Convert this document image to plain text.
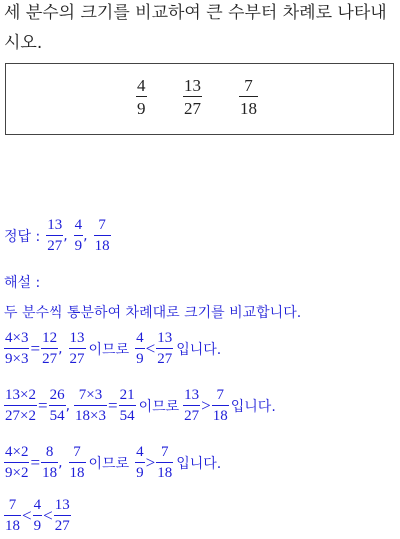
세 분수의 크기를 비교하여 큰 수부터 차례로 나타내
시오.
$\frac{4}{9} \frac{13}{27} \frac{7}{18}$
정답 : $\frac{13}{27}$ , $\frac{4}{9}$ , $\frac{7}{18}$
해설 :
두 분수씩 통분하여 차례대로 크기를 비교합니다.
$\frac{4\times 3}{9\times 3} = \frac{12}{27}$ , $\frac{13}{27}$ 이므로 $\frac{4}{9} < \frac{13}{27}$ 입니다.
$\frac{13\times 2}{27\times 2} = \frac{26}{54}$ , $\frac{7\times 3}{18\times 3} = \frac{21}{54}$ 이므로 $\frac{13}{27} > \frac{7}{18}$ 입니다.
$\frac{4\times 2}{9\times 2} = \frac{8}{18}$ , $\frac{7}{18}$ 이므로 $\frac{4}{9} > \frac{7}{18}$ 입니다.
$\frac{7}{18} < \frac{4}{9} < \frac{13}{27}$
